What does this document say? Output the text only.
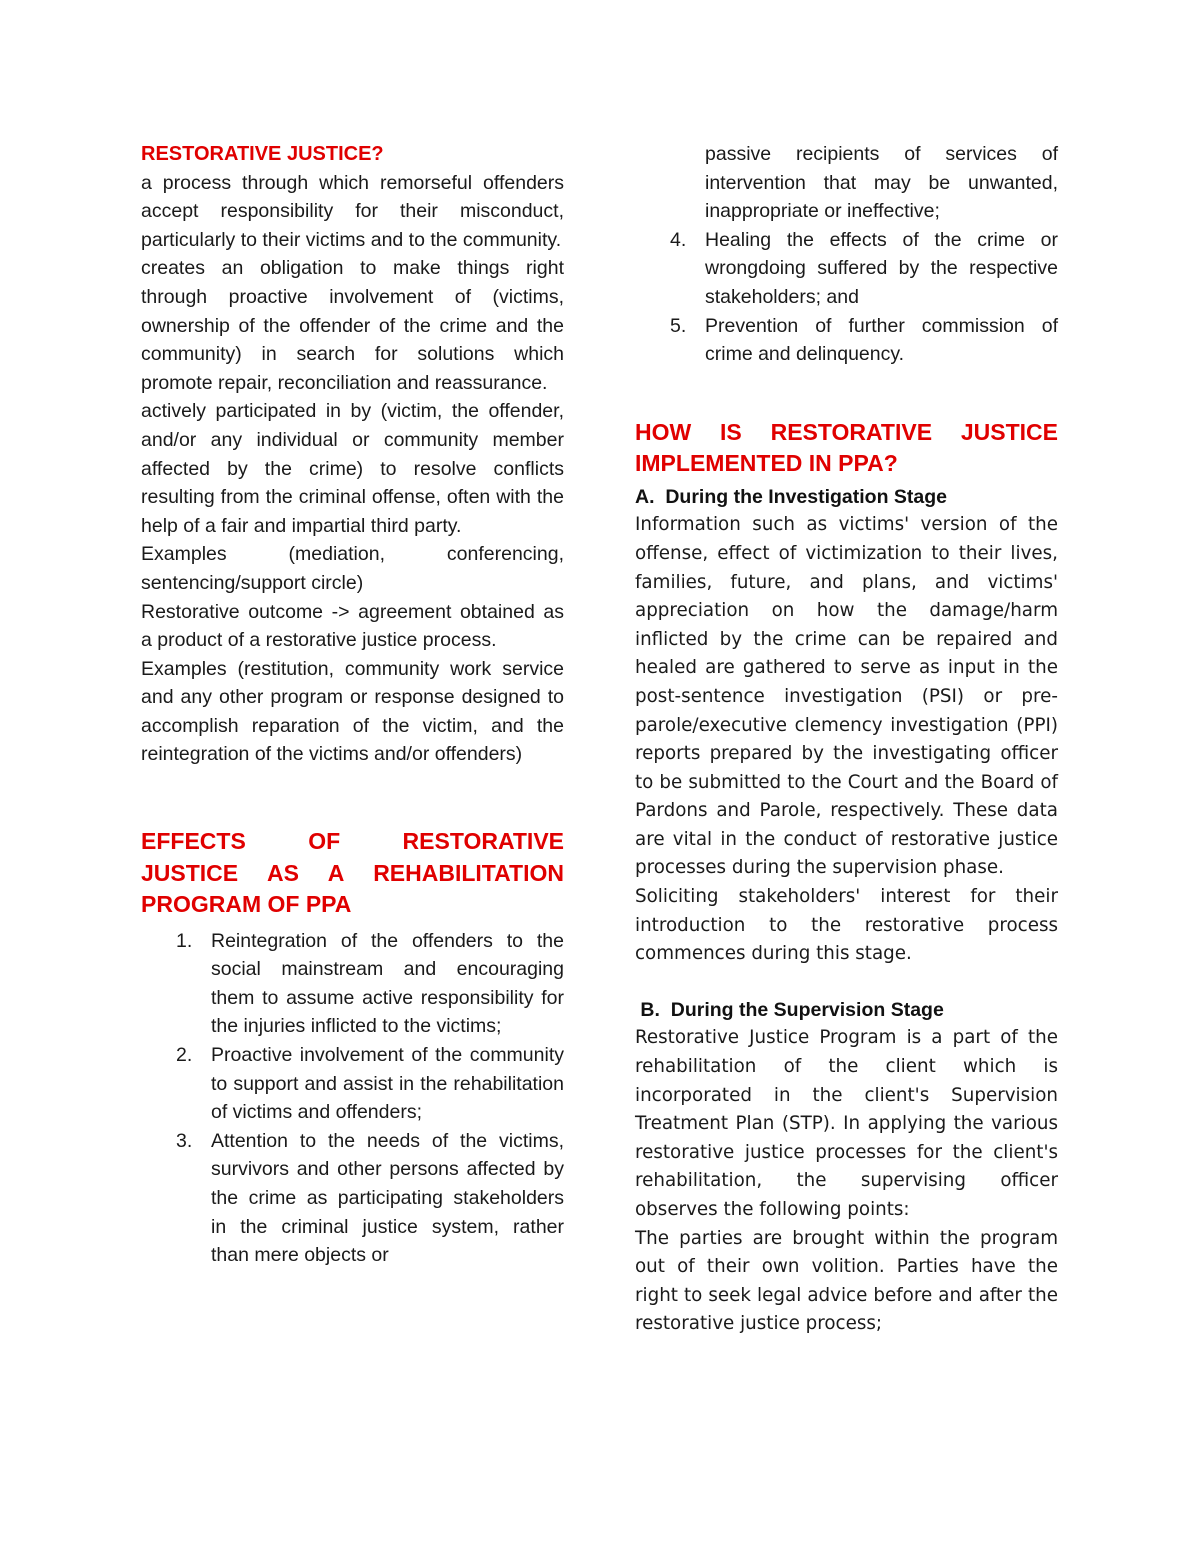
RESTORATIVE JUSTICE?

a process through which remorseful offenders accept responsibility for their misconduct, particularly to their victims and to the community.

creates an obligation to make things right through proactive involvement of (victims, ownership of the offender of the crime and the community) in search for solutions which promote repair, reconciliation and reassurance.

actively participated in by (victim, the offender, and/or any individual or community member affected by the crime) to resolve conflicts resulting from the criminal offense, often with the help of a fair and impartial third party.

Examples (mediation, conferencing, sentencing/support circle)

Restorative outcome -> agreement obtained as a product of a restorative justice process.

Examples (restitution, community work service and any other program or response designed to accomplish reparation of the victim, and the reintegration of the victims and/or offenders)

EFFECTS OF RESTORATIVE
JUSTICE AS A REHABILITATION
PROGRAM OF PPA
1. Reintegration of the offenders to the social mainstream and encouraging them to assume active responsibility for the injuries inflicted to the victims;
2. Proactive involvement of the community to support and assist in the rehabilitation of victims and offenders;
3. Attention to the needs of the victims, survivors and other persons affected by the crime as participating stakeholders in the criminal justice system, rather than mere objects or

passive recipients of services of intervention that may be unwanted, inappropriate or ineffective;

4. Healing the effects of the crime or wrongdoing suffered by the respective stakeholders; and
5. Prevention of further commission of crime and delinquency.
HOW IS RESTORATIVE JUSTICE
IMPLEMENTED IN PPA?

A.  During the Investigation Stage

Information such as victims' version of the offense, effect of victimization to their lives, families, future, and plans, and victims' appreciation on how the damage/harm inflicted by the crime can be repaired and healed are gathered to serve as input in the post-sentence investigation (PSI) or pre-parole/executive clemency investigation (PPI) reports prepared by the investigating officer to be submitted to the Court and the Board of Pardons and Parole, respectively. These data are vital in the conduct of restorative justice processes during the supervision phase.

Soliciting stakeholders' interest for their introduction to the restorative process commences during this stage.

B.  During the Supervision Stage

Restorative Justice Program is a part of the rehabilitation of the client which is incorporated in the client's Supervision Treatment Plan (STP). In applying the various restorative justice processes for the client's rehabilitation, the supervising officer observes the following points:

The parties are brought within the program out of their own volition. Parties have the right to seek legal advice before and after the restorative justice process;
